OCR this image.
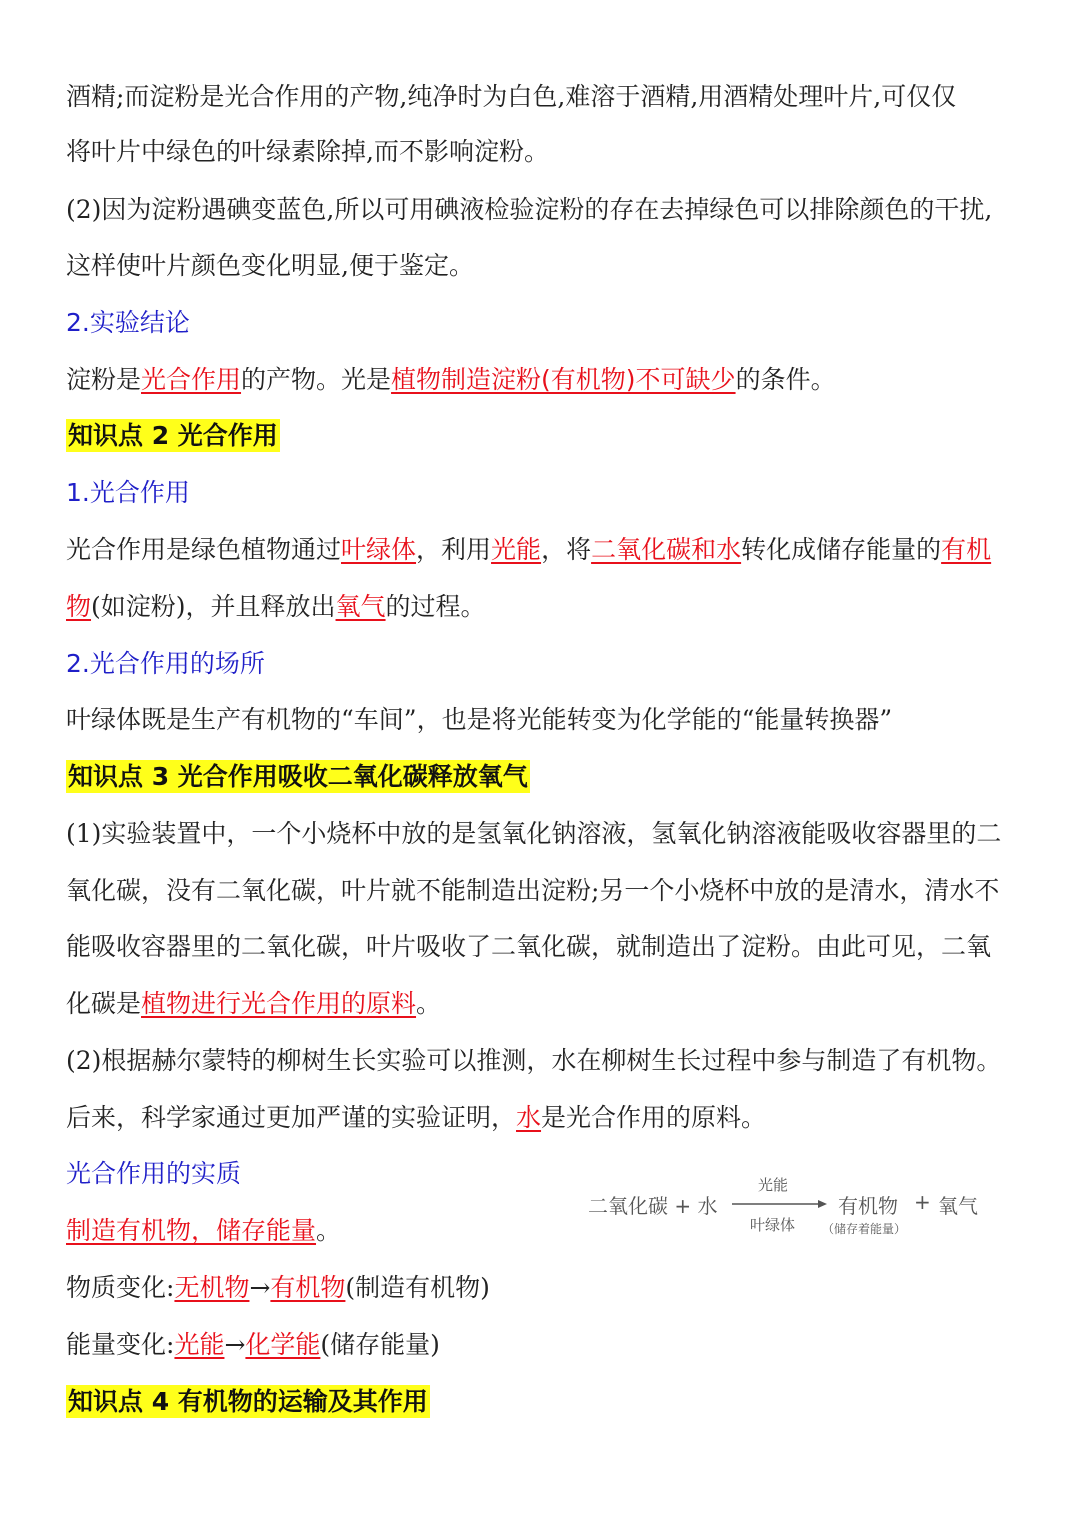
酒精;而淀粉是光合作用的产物,纯净时为白色,难溶于酒精,用酒精处理叶片,可仅仅
将叶片中绿色的叶绿素除掉,而不影响淀粉。
(2)因为淀粉遇碘变蓝色,所以可用碘液检验淀粉的存在去掉绿色可以排除颜色的干扰,
这样使叶片颜色变化明显,便于鉴定。
2.实验结论
淀粉是光合作用的产物。光是植物制造淀粉(有机物)不可缺少的条件。
知识点 2 光合作用
1.光合作用
光合作用是绿色植物通过叶绿体，利用光能，将二氧化碳和水转化成储存能量的有机
物(如淀粉)，并且释放出氧气的过程。
2.光合作用的场所
叶绿体既是生产有机物的“车间”，也是将光能转变为化学能的“能量转换器”
知识点 3 光合作用吸收二氧化碳释放氧气
(1)实验装置中，一个小烧杯中放的是氢氧化钠溶液，氢氧化钠溶液能吸收容器里的二
氧化碳，没有二氧化碳，叶片就不能制造出淀粉;另一个小烧杯中放的是清水，清水不
能吸收容器里的二氧化碳，叶片吸收了二氧化碳，就制造出了淀粉。由此可见，二氧
化碳是植物进行光合作用的原料。
(2)根据赫尔蒙特的柳树生长实验可以推测，水在柳树生长过程中参与制造了有机物。
后来，科学家通过更加严谨的实验证明，水是光合作用的原料。
光合作用的实质
制造有机物，储存能量。
物质变化:无机物→有机物(制造有机物)
能量变化:光能→化学能(储存能量)
知识点 4 有机物的运输及其作用
二氧化碳 + 水
光能
叶绿体
有机物 + 氧气
（储存着能量）
